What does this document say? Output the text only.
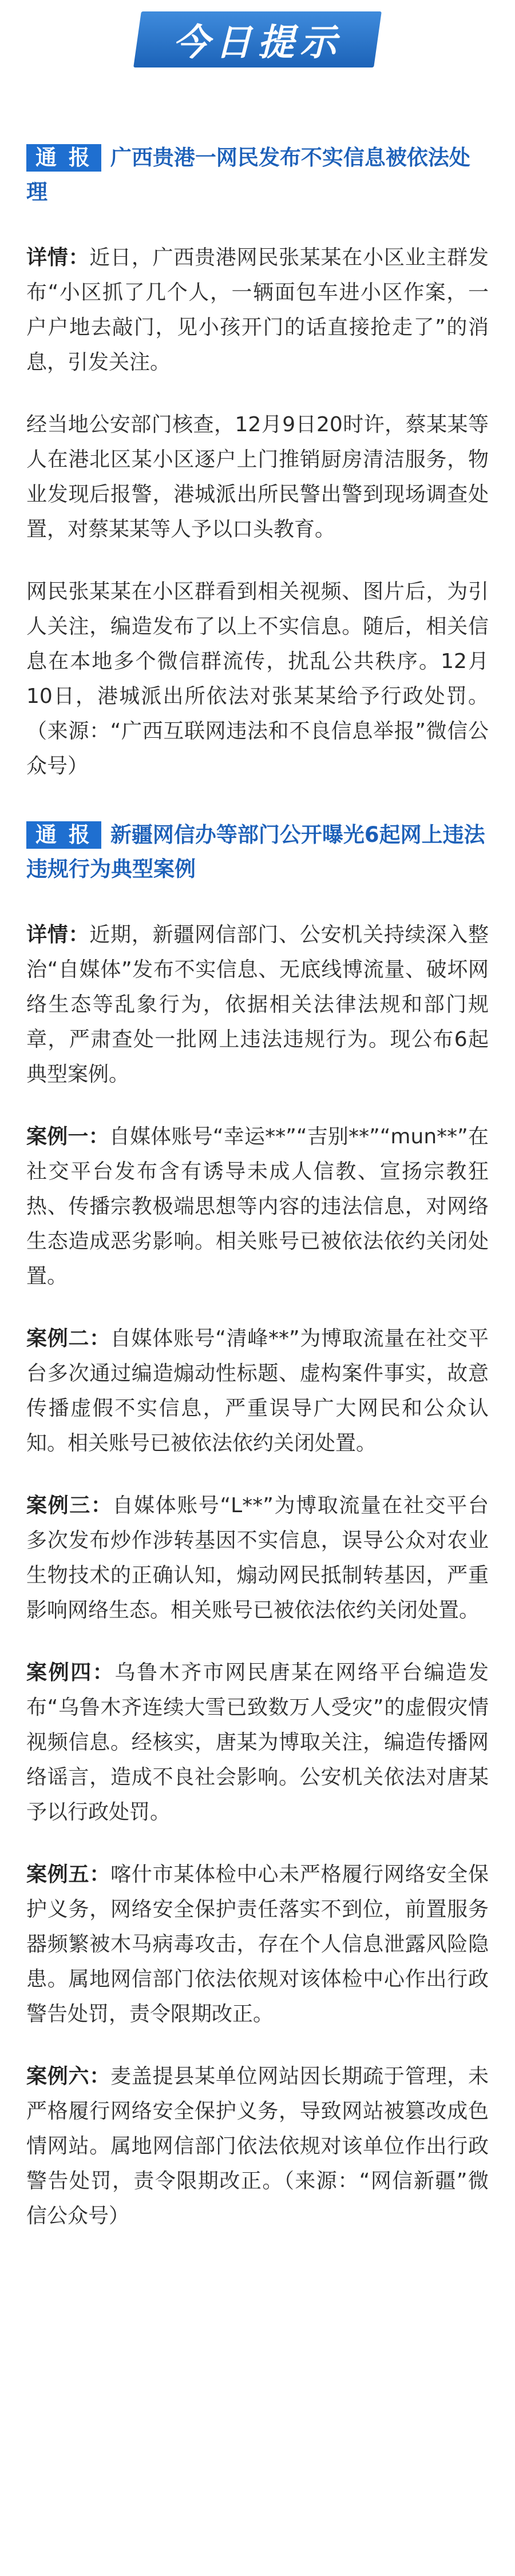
今日提示

通 报 广西贵港一网民发布不实信息被依法处理

详情：近日，广西贵港网民张某某在小区业主群发布“小区抓了几个人，一辆面包车进小区作案，一户户地去敲门，见小孩开门的话直接抢走了”的消息，引发关注。

经当地公安部门核查，12月9日20时许，蔡某某等人在港北区某小区逐户上门推销厨房清洁服务，物业发现后报警，港城派出所民警出警到现场调查处置，对蔡某某等人予以口头教育。

网民张某某在小区群看到相关视频、图片后，为引人关注，编造发布了以上不实信息。随后，相关信息在本地多个微信群流传，扰乱公共秩序。12月10日，港城派出所依法对张某某给予行政处罚。（来源：“广西互联网违法和不良信息举报”微信公众号）

通 报 新疆网信办等部门公开曝光6起网上违法违规行为典型案例

详情：近期，新疆网信部门、公安机关持续深入整治“自媒体”发布不实信息、无底线博流量、破坏网络生态等乱象行为，依据相关法律法规和部门规章，严肃查处一批网上违法违规行为。现公布6起典型案例。

案例一：自媒体账号“幸运**”“吉别**”“mun**”在社交平台发布含有诱导未成人信教、宣扬宗教狂热、传播宗教极端思想等内容的违法信息，对网络生态造成恶劣影响。相关账号已被依法依约关闭处置。

案例二：自媒体账号“清峰**”为博取流量在社交平台多次通过编造煽动性标题、虚构案件事实，故意传播虚假不实信息，严重误导广大网民和公众认知。相关账号已被依法依约关闭处置。

案例三：自媒体账号“L**”为博取流量在社交平台多次发布炒作涉转基因不实信息，误导公众对农业生物技术的正确认知，煽动网民抵制转基因，严重影响网络生态。相关账号已被依法依约关闭处置。

案例四：乌鲁木齐市网民唐某在网络平台编造发布“乌鲁木齐连续大雪已致数万人受灾”的虚假灾情视频信息。经核实，唐某为博取关注，编造传播网络谣言，造成不良社会影响。公安机关依法对唐某予以行政处罚。

案例五：喀什市某体检中心未严格履行网络安全保护义务，网络安全保护责任落实不到位，前置服务器频繁被木马病毒攻击，存在个人信息泄露风险隐患。属地网信部门依法依规对该体检中心作出行政警告处罚，责令限期改正。

案例六：麦盖提县某单位网站因长期疏于管理，未严格履行网络安全保护义务，导致网站被篡改成色情网站。属地网信部门依法依规对该单位作出行政警告处罚，责令限期改正。（来源：“网信新疆”微信公众号）
